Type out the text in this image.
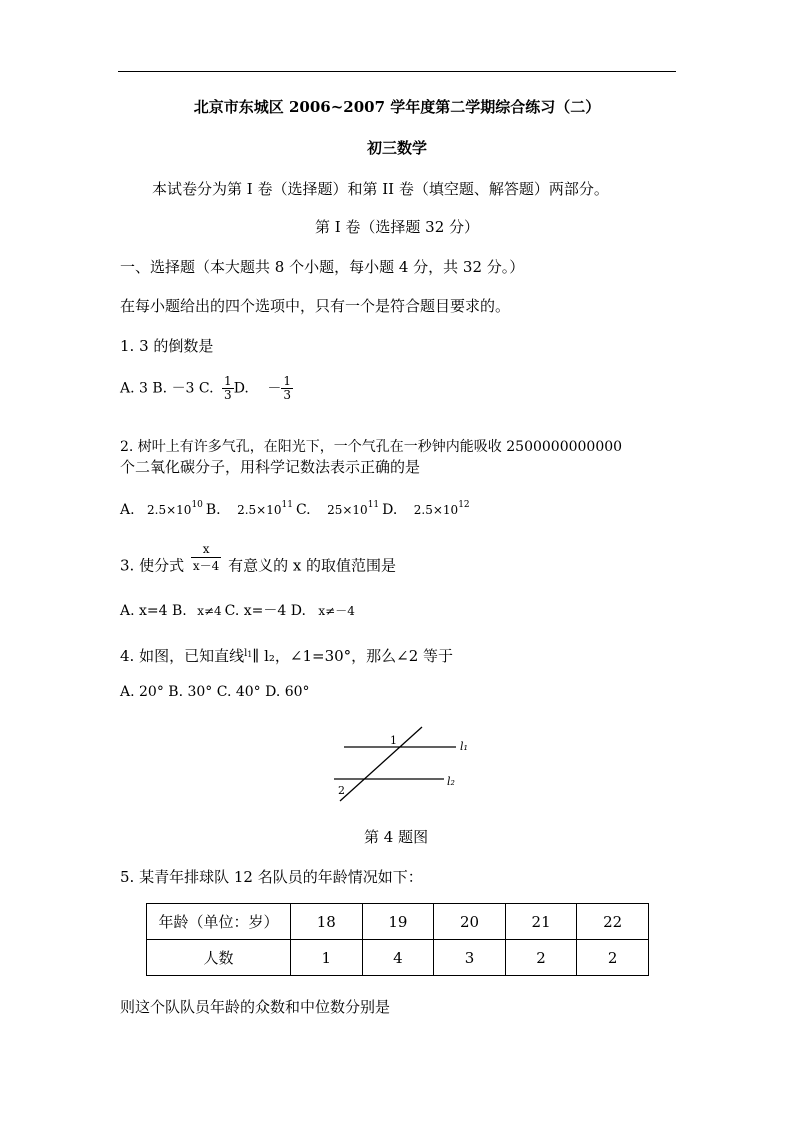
北京市东城区 2006~2007 学年度第二学期综合练习（二）
初三数学
本试卷分为第 I 卷（选择题）和第 II 卷（填空题、解答题）两部分。
第 I 卷（选择题 32 分）
一、选择题（本大题共 8 个小题，每小题 4 分，共 32 分。）
在每小题给出的四个选项中，只有一个是符合题目要求的。
1. 3 的倒数是
A. 3 B. －3 C. $\frac{1}{3} D$. － $\frac{1}{3}$
2. 树叶上有许多气孔，在阳光下，一个气孔在一秒钟内能吸收 2500000000000
个二氧化碳分子，用科学记数法表示正确的是
A. $2.5\times 10^{10}$ B. $2.5\times 10^{11}$ C. $25\times 10^{11}$ D. $2.5\times 10^{12}$
3. 使分式 $\frac{x}{x-4}$ 有意义的 x 的取值范围是
A. x=4 B. x≠4 C. x=－4 D. x≠－4
4. 如图，已知直线$^{l1}$∥ l₂，∠1=30°，那么∠2 等于
A. 20° B. 30° C. 40° D. 60°
1
2
l₁
l₂
第 4 题图
5. 某青年排球队 12 名队员的年龄情况如下：
年龄（单位：岁）	18	19	20	21	22
人数	1	4	3	2	2
则这个队队员年龄的众数和中位数分别是
